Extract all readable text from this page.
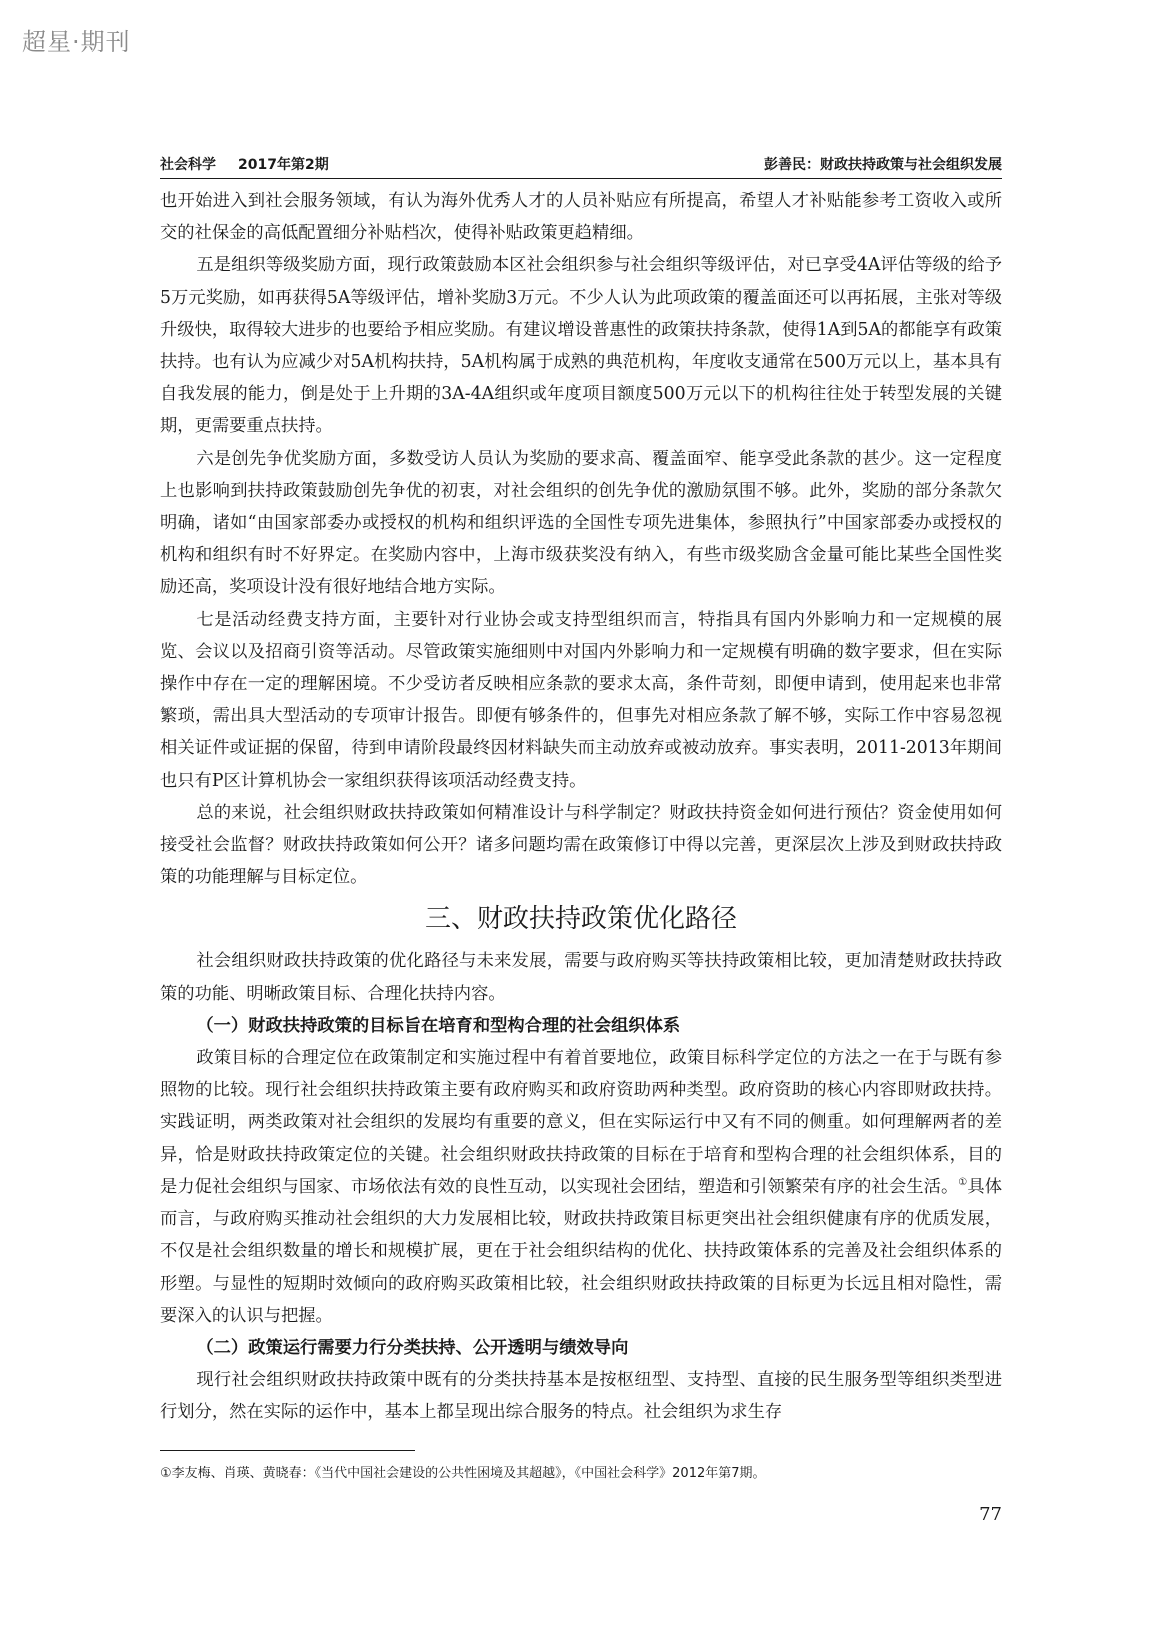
超星·期刊
社会科学 2017年第2期	彭善民：财政扶持政策与社会组织发展

也开始进入到社会服务领域，有认为海外优秀人才的人员补贴应有所提高，希望人才补贴能参考工资收入或所交的社保金的高低配置细分补贴档次，使得补贴政策更趋精细。

五是组织等级奖励方面，现行政策鼓励本区社会组织参与社会组织等级评估，对已享受4A评估等级的给予5万元奖励，如再获得5A等级评估，增补奖励3万元。不少人认为此项政策的覆盖面还可以再拓展，主张对等级升级快，取得较大进步的也要给予相应奖励。有建议增设普惠性的政策扶持条款，使得1A到5A的都能享有政策扶持。也有认为应减少对5A机构扶持，5A机构属于成熟的典范机构，年度收支通常在500万元以上，基本具有自我发展的能力，倒是处于上升期的3A-4A组织或年度项目额度500万元以下的机构往往处于转型发展的关键期，更需要重点扶持。

六是创先争优奖励方面，多数受访人员认为奖励的要求高、覆盖面窄、能享受此条款的甚少。这一定程度上也影响到扶持政策鼓励创先争优的初衷，对社会组织的创先争优的激励氛围不够。此外，奖励的部分条款欠明确，诸如“由国家部委办或授权的机构和组织评选的全国性专项先进集体，参照执行”中国家部委办或授权的机构和组织有时不好界定。在奖励内容中，上海市级获奖没有纳入，有些市级奖励含金量可能比某些全国性奖励还高，奖项设计没有很好地结合地方实际。

七是活动经费支持方面，主要针对行业协会或支持型组织而言，特指具有国内外影响力和一定规模的展览、会议以及招商引资等活动。尽管政策实施细则中对国内外影响力和一定规模有明确的数字要求，但在实际操作中存在一定的理解困境。不少受访者反映相应条款的要求太高，条件苛刻，即便申请到，使用起来也非常繁琐，需出具大型活动的专项审计报告。即便有够条件的，但事先对相应条款了解不够，实际工作中容易忽视相关证件或证据的保留，待到申请阶段最终因材料缺失而主动放弃或被动放弃。事实表明，2011-2013年期间也只有P区计算机协会一家组织获得该项活动经费支持。

总的来说，社会组织财政扶持政策如何精准设计与科学制定？财政扶持资金如何进行预估？资金使用如何接受社会监督？财政扶持政策如何公开？诸多问题均需在政策修订中得以完善，更深层次上涉及到财政扶持政策的功能理解与目标定位。

三、财政扶持政策优化路径

社会组织财政扶持政策的优化路径与未来发展，需要与政府购买等扶持政策相比较，更加清楚财政扶持政策的功能、明晰政策目标、合理化扶持内容。

（一）财政扶持政策的目标旨在培育和型构合理的社会组织体系

政策目标的合理定位在政策制定和实施过程中有着首要地位，政策目标科学定位的方法之一在于与既有参照物的比较。现行社会组织扶持政策主要有政府购买和政府资助两种类型。政府资助的核心内容即财政扶持。实践证明，两类政策对社会组织的发展均有重要的意义，但在实际运行中又有不同的侧重。如何理解两者的差异，恰是财政扶持政策定位的关键。社会组织财政扶持政策的目标在于培育和型构合理的社会组织体系，目的是力促社会组织与国家、市场依法有效的良性互动，以实现社会团结，塑造和引领繁荣有序的社会生活。①具体而言，与政府购买推动社会组织的大力发展相比较，财政扶持政策目标更突出社会组织健康有序的优质发展，不仅是社会组织数量的增长和规模扩展，更在于社会组织结构的优化、扶持政策体系的完善及社会组织体系的形塑。与显性的短期时效倾向的政府购买政策相比较，社会组织财政扶持政策的目标更为长远且相对隐性，需要深入的认识与把握。

（二）政策运行需要力行分类扶持、公开透明与绩效导向

现行社会组织财政扶持政策中既有的分类扶持基本是按枢纽型、支持型、直接的民生服务型等组织类型进行划分，然在实际的运作中，基本上都呈现出综合服务的特点。社会组织为求生存

①李友梅、肖瑛、黄晓春：《当代中国社会建设的公共性困境及其超越》，《中国社会科学》2012年第7期。
77
